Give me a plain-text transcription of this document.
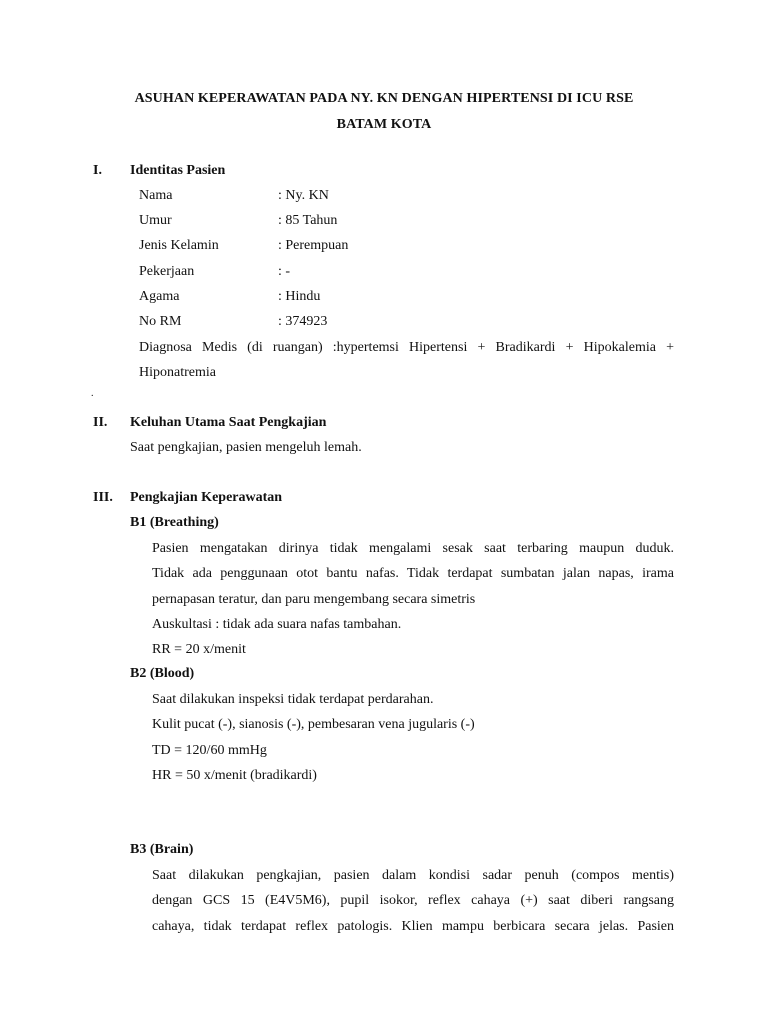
ASUHAN KEPERAWATAN PADA NY. KN DENGAN HIPERTENSI DI ICU RSE
BATAM KOTA
I. Identitas Pasien
Nama	: Ny. KN
Umur	: 85 Tahun
Jenis Kelamin	: Perempuan
Pekerjaan	: -
Agama	: Hindu
No RM	: 374923
Diagnosa Medis (di ruangan) :hypertemsi Hipertensi + Bradikardi + Hipokalemia +
Hiponatremia
.
II. Keluhan Utama Saat Pengkajian
Saat pengkajian, pasien mengeluh lemah.
III. Pengkajian Keperawatan
B1 (Breathing)
Pasien mengatakan dirinya tidak mengalami sesak saat terbaring maupun duduk.
Tidak ada penggunaan otot bantu nafas. Tidak terdapat sumbatan jalan napas, irama
pernapasan teratur, dan paru mengembang secara simetris
Auskultasi : tidak ada suara nafas tambahan.
RR = 20 x/menit
B2 (Blood)
Saat dilakukan inspeksi tidak terdapat perdarahan.
Kulit pucat (-), sianosis (-), pembesaran vena jugularis (-)
TD = 120/60 mmHg
HR = 50 x/menit (bradikardi)
B3 (Brain)
Saat dilakukan pengkajian, pasien dalam kondisi sadar penuh (compos mentis)
dengan GCS 15 (E4V5M6), pupil isokor, reflex cahaya (+) saat diberi rangsang
cahaya, tidak terdapat reflex patologis. Klien mampu berbicara secara jelas. Pasien
